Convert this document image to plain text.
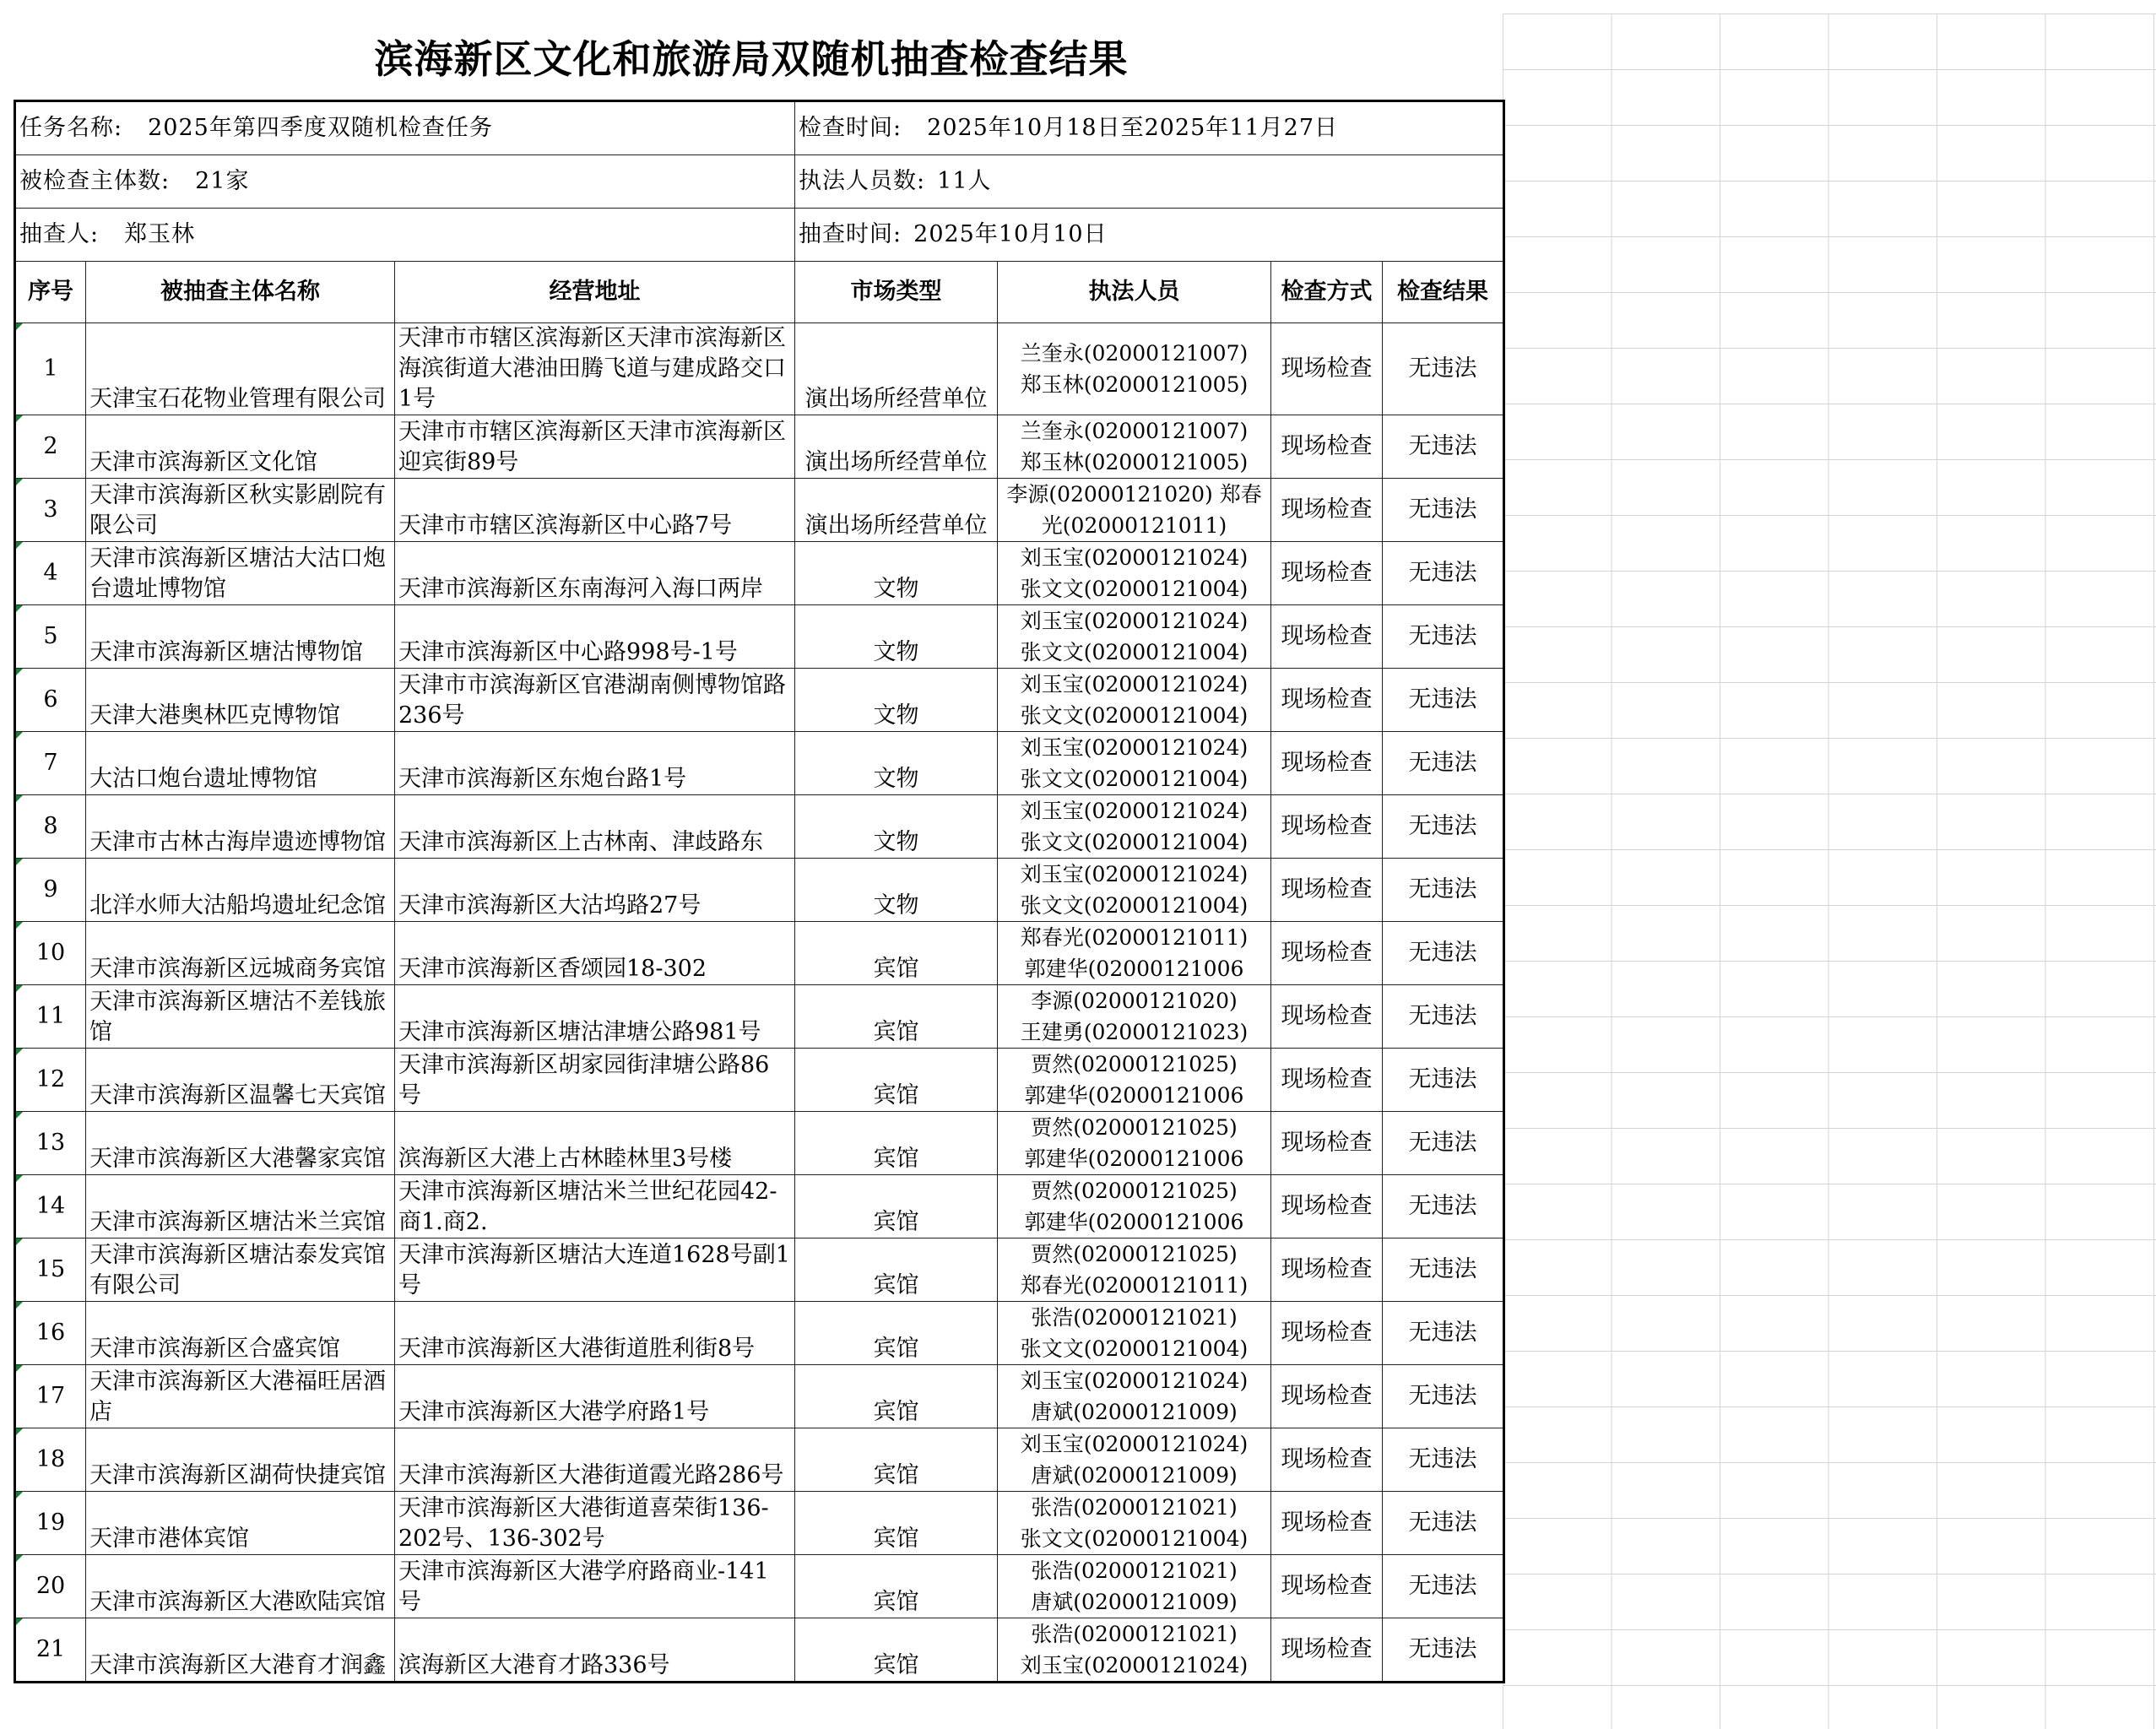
滨海新区文化和旅游局双随机抽查检查结果
任务名称: 2025年第四季度双随机检查任务			检查时间: 2025年10月18日至2025年11月27日			
被检查主体数: 21家			执法人员数: 11人			
抽查人: 郑玉林			抽查时间: 2025年10月10日			
序号	被抽查主体名称	经营地址	市场类型	执法人员	检查方式	检查结果
1	天津宝石花物业管理有限公司	天津市市辖区滨海新区天津市滨海新区海滨街道大港油田腾飞道与建成路交口1号	演出场所经营单位	兰奎永(02000121007)
郑玉林(02000121005)	现场检查	无违法
2	天津市滨海新区文化馆	天津市市辖区滨海新区天津市滨海新区 迎宾街89号	演出场所经营单位	兰奎永(02000121007)
郑玉林(02000121005)	现场检查	无违法
3	天津市滨海新区秋实影剧院有限公司	天津市市辖区滨海新区中心路7号	演出场所经营单位	李源(02000121020) 郑春光(02000121011)	现场检查	无违法
4	天津市滨海新区塘沽大沽口炮台遗址博物馆	天津市滨海新区东南海河入海口两岸	文物	刘玉宝(02000121024)
张文文(02000121004)	现场检查	无违法
5	天津市滨海新区塘沽博物馆	天津市滨海新区中心路998号-1号	文物	刘玉宝(02000121024)
张文文(02000121004)	现场检查	无违法
6	天津大港奥林匹克博物馆	天津市市滨海新区官港湖南侧博物馆路236号	文物	刘玉宝(02000121024)
张文文(02000121004)	现场检查	无违法
7	大沽口炮台遗址博物馆	天津市滨海新区东炮台路1号	文物	刘玉宝(02000121024)
张文文(02000121004)	现场检查	无违法
8	天津市古林古海岸遗迹博物馆	天津市滨海新区上古林南、津歧路东	文物	刘玉宝(02000121024)
张文文(02000121004)	现场检查	无违法
9	北洋水师大沽船坞遗址纪念馆	天津市滨海新区大沽坞路27号	文物	刘玉宝(02000121024)
张文文(02000121004)	现场检查	无违法
10	天津市滨海新区远城商务宾馆	天津市滨海新区香颂园18-302	宾馆	郑春光(02000121011)
郭建华(02000121006	现场检查	无违法
11	天津市滨海新区塘沽不差钱旅馆	天津市滨海新区塘沽津塘公路981号	宾馆	李源(02000121020)
王建勇(02000121023)	现场检查	无违法
12	天津市滨海新区温馨七天宾馆	天津市滨海新区胡家园街津塘公路86号	宾馆	贾然(02000121025)
郭建华(02000121006	现场检查	无违法
13	天津市滨海新区大港馨家宾馆	滨海新区大港上古林睦林里3号楼	宾馆	贾然(02000121025)
郭建华(02000121006	现场检查	无违法
14	天津市滨海新区塘沽米兰宾馆	天津市滨海新区塘沽米兰世纪花园42-商1.商2.	宾馆	贾然(02000121025)
郭建华(02000121006	现场检查	无违法
15	天津市滨海新区塘沽泰发宾馆有限公司	天津市滨海新区塘沽大连道1628号副1号	宾馆	贾然(02000121025)
郑春光(02000121011)	现场检查	无违法
16	天津市滨海新区合盛宾馆	天津市滨海新区大港街道胜利街8号	宾馆	张浩(02000121021)
张文文(02000121004)	现场检查	无违法
17	天津市滨海新区大港福旺居酒店	天津市滨海新区大港学府路1号	宾馆	刘玉宝(02000121024)
唐斌(02000121009)	现场检查	无违法
18	天津市滨海新区湖荷快捷宾馆	天津市滨海新区大港街道霞光路286号	宾馆	刘玉宝(02000121024)
唐斌(02000121009)	现场检查	无违法
19	天津市港体宾馆	天津市滨海新区大港街道喜荣街136-202号、136-302号	宾馆	张浩(02000121021)
张文文(02000121004)	现场检查	无违法
20	天津市滨海新区大港欧陆宾馆	天津市滨海新区大港学府路商业-141号	宾馆	张浩(02000121021)
唐斌(02000121009)	现场检查	无违法
21	天津市滨海新区大港育才润鑫	滨海新区大港育才路336号	宾馆	张浩(02000121021)
刘玉宝(02000121024)	现场检查	无违法
